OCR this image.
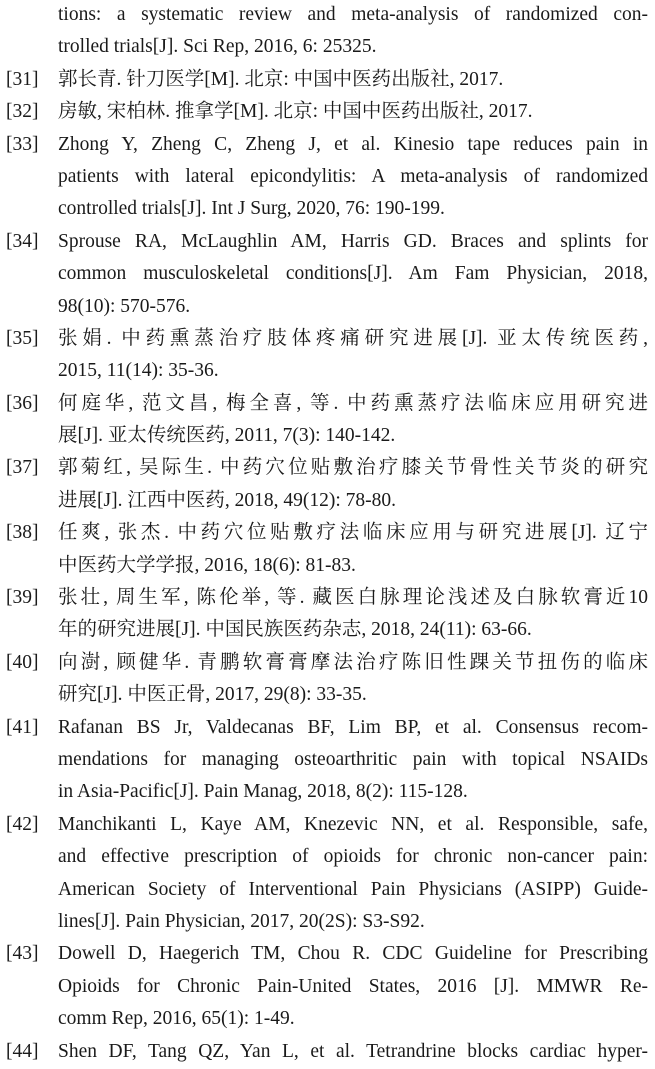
tions: a systematic review and meta-analysis of randomized con-
trolled trials[J]. Sci Rep, 2016, 6: 25325.
[31] 郭长青. 针刀医学[M]. 北京: 中国中医药出版社, 2017.
[32] 房敏, 宋柏林. 推拿学[M]. 北京: 中国中医药出版社, 2017.
[33] Zhong Y, Zheng C, Zheng J, et al. Kinesio tape reduces pain in
patients with lateral epicondylitis: A meta-analysis of randomized
controlled trials[J]. Int J Surg, 2020, 76: 190-199.
[34] Sprouse RA, McLaughlin AM, Harris GD. Braces and splints for
common musculoskeletal conditions[J]. Am Fam Physician, 2018,
98(10): 570-576.
[35] 张娟. 中药熏蒸治疗肢体疼痛研究进展[J]. 亚太传统医药,
2015, 11(14): 35-36.
[36] 何庭华, 范文昌, 梅全喜, 等. 中药熏蒸疗法临床应用研究进
展[J]. 亚太传统医药, 2011, 7(3): 140-142.
[37] 郭菊红, 吴际生. 中药穴位贴敷治疗膝关节骨性关节炎的研究
进展[J]. 江西中医药, 2018, 49(12): 78-80.
[38] 任爽, 张杰. 中药穴位贴敷疗法临床应用与研究进展[J]. 辽宁
中医药大学学报, 2016, 18(6): 81-83.
[39] 张壮, 周生军, 陈伦举, 等. 藏医白脉理论浅述及白脉软膏近10
年的研究进展[J]. 中国民族医药杂志, 2018, 24(11): 63-66.
[40] 向澍, 顾健华. 青鹏软膏膏摩法治疗陈旧性踝关节扭伤的临床
研究[J]. 中医正骨, 2017, 29(8): 33-35.
[41] Rafanan BS Jr, Valdecanas BF, Lim BP, et al. Consensus recom-
mendations for managing osteoarthritic pain with topical NSAIDs
in Asia-Pacific[J]. Pain Manag, 2018, 8(2): 115-128.
[42] Manchikanti L, Kaye AM, Knezevic NN, et al. Responsible, safe,
and effective prescription of opioids for chronic non-cancer pain:
American Society of Interventional Pain Physicians (ASIPP) Guide-
lines[J]. Pain Physician, 2017, 20(2S): S3-S92.
[43] Dowell D, Haegerich TM, Chou R. CDC Guideline for Prescribing
Opioids for Chronic Pain-United States, 2016 [J]. MMWR Re-
comm Rep, 2016, 65(1): 1-49.
[44] Shen DF, Tang QZ, Yan L, et al. Tetrandrine blocks cardiac hyper-
